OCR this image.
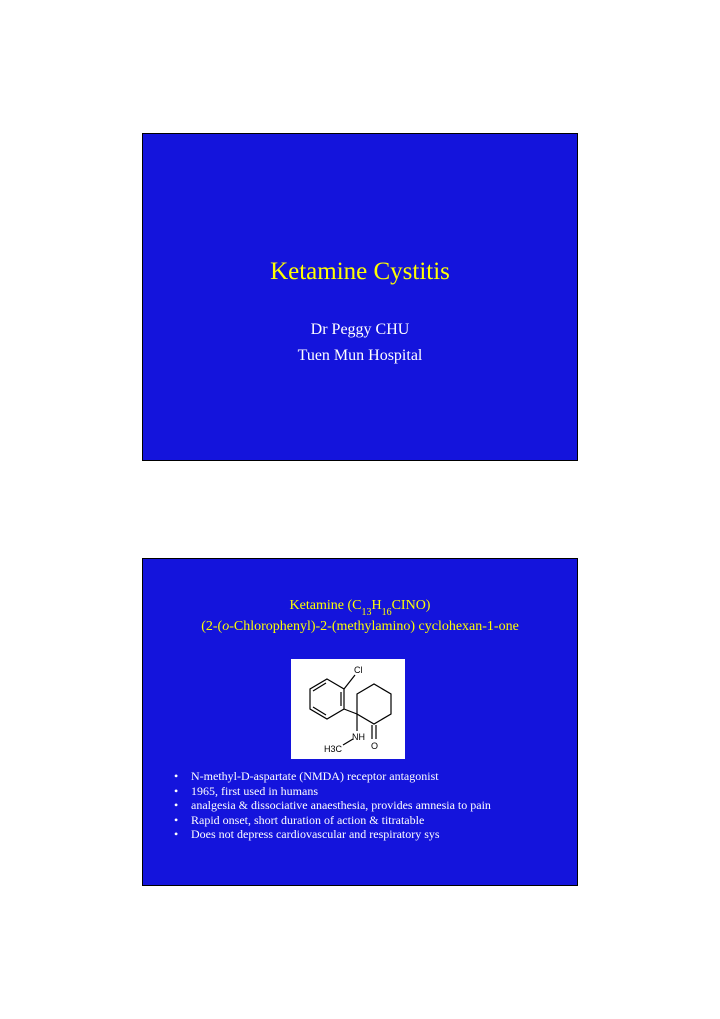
Ketamine Cystitis
Dr Peggy CHU
Tuen Mun Hospital
Ketamine $(C_{13}H_{16}CINO)$
(2-(o-Chlorophenyl)-2-(methylamino) cyclohexan-1-one
Cl
NH
H3C	O
• N-methyl-D-aspartate (NMDA) receptor antagonist
• 1965, first used in humans
• analgesia & dissociative anaesthesia, provides amnesia to pain
• Rapid onset, short duration of action & titratable
• Does not depress cardiovascular and respiratory sys
